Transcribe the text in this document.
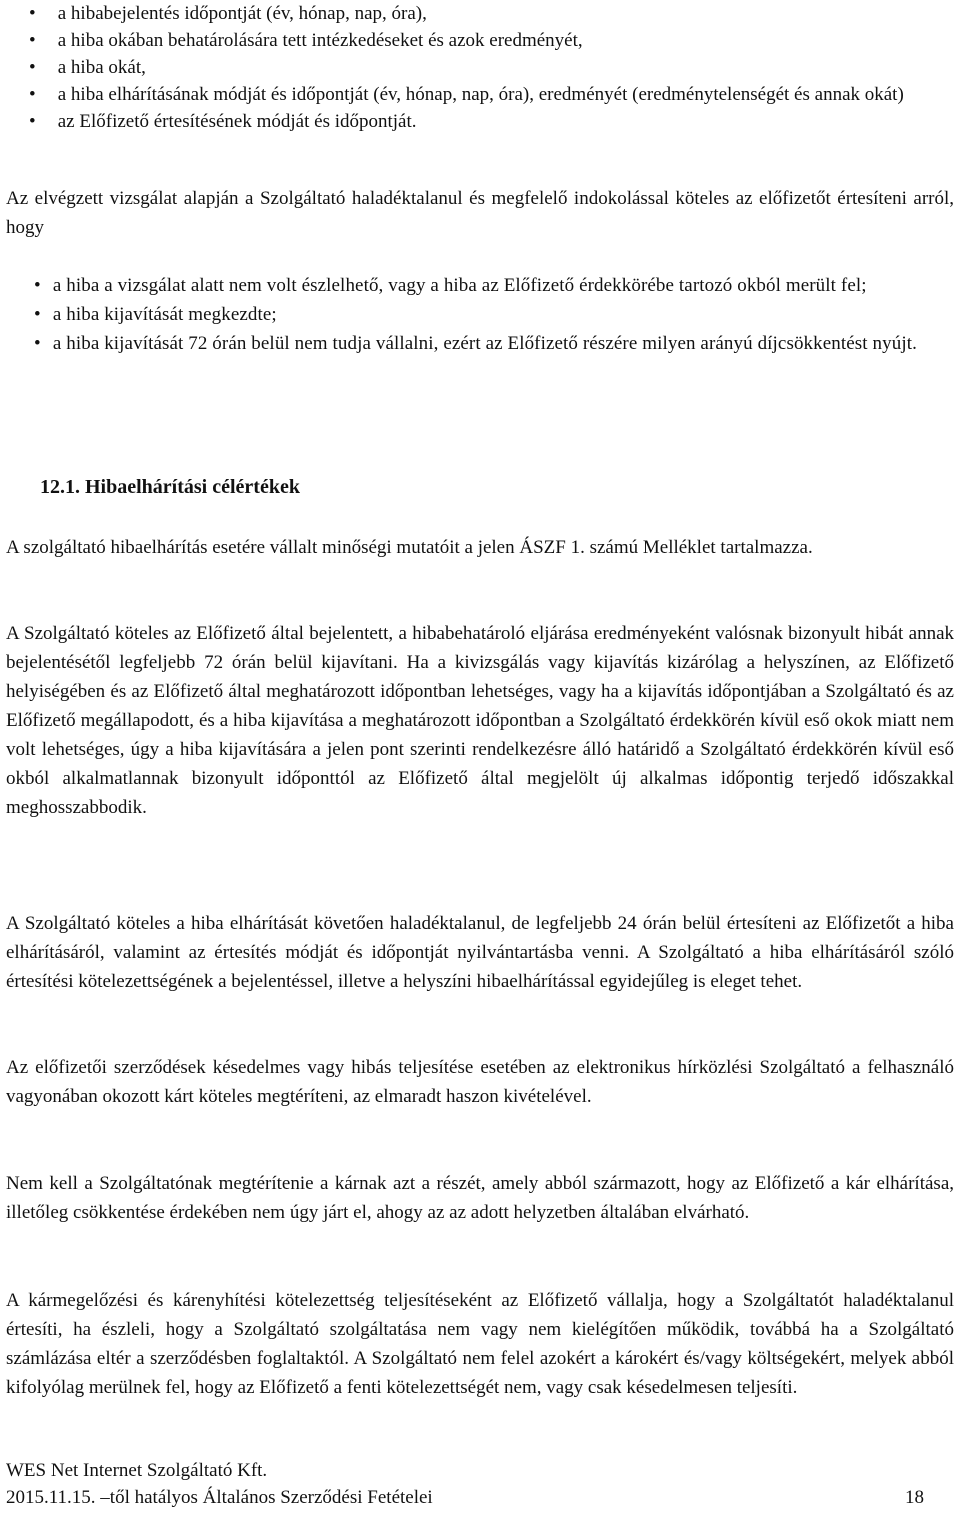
• a hibabejelentés időpontját (év, hónap, nap, óra),
• a hiba okában behatárolására tett intézkedéseket és azok eredményét,
• a hiba okát,
• a hiba elhárításának módját és időpontját (év, hónap, nap, óra), eredményét (eredménytelenségét és annak okát)
• az Előfizető értesítésének módját és időpontját.

Az elvégzett vizsgálat alapján a Szolgáltató haladéktalanul és megfelelő indokolással köteles az előfizetőt értesíteni arról, hogy

• a hiba a vizsgálat alatt nem volt észlelhető, vagy a hiba az Előfizető érdekkörébe tartozó okból merült fel;
• a hiba kijavítását megkezdte;
• a hiba kijavítását 72 órán belül nem tudja vállalni, ezért az Előfizető részére milyen arányú díjcsökkentést nyújt.
12.1. Hibaelhárítási célértékek

A szolgáltató hibaelhárítás esetére vállalt minőségi mutatóit a jelen ÁSZF 1. számú Melléklet tartalmazza.

A Szolgáltató köteles az Előfizető által bejelentett, a hibabehatároló eljárása eredményeként valósnak bizonyult hibát annak bejelentésétől legfeljebb 72 órán belül kijavítani. Ha a kivizsgálás vagy kijavítás kizárólag a helyszínen, az Előfizető helyiségében és az Előfizető által meghatározott időpontban lehetséges, vagy ha a kijavítás időpontjában a Szolgáltató és az Előfizető megállapodott, és a hiba kijavítása a meghatározott időpontban a Szolgáltató érdekkörén kívül eső okok miatt nem volt lehetséges, úgy a hiba kijavítására a jelen pont szerinti rendelkezésre álló határidő a Szolgáltató érdekkörén kívül eső okból alkalmatlannak bizonyult időponttól az Előfizető által megjelölt új alkalmas időpontig terjedő időszakkal meghosszabbodik.

A Szolgáltató köteles a hiba elhárítását követően haladéktalanul, de legfeljebb 24 órán belül értesíteni az Előfizetőt a hiba elhárításáról, valamint az értesítés módját és időpontját nyilvántartásba venni. A Szolgáltató a hiba elhárításáról szóló értesítési kötelezettségének a bejelentéssel, illetve a helyszíni hibaelhárítással egyidejűleg is eleget tehet.

Az előfizetői szerződések késedelmes vagy hibás teljesítése esetében az elektronikus hírközlési Szolgáltató a felhasználó vagyonában okozott kárt köteles megtéríteni, az elmaradt haszon kivételével.

Nem kell a Szolgáltatónak megtérítenie a kárnak azt a részét, amely abból származott, hogy az Előfizető a kár elhárítása, illetőleg csökkentése érdekében nem úgy járt el, ahogy az az adott helyzetben általában elvárható.

A kármegelőzési és kárenyhítési kötelezettség teljesítéseként az Előfizető vállalja, hogy a Szolgáltatót haladéktalanul értesíti, ha észleli, hogy a Szolgáltató szolgáltatása nem vagy nem kielégítően működik, továbbá ha a Szolgáltató számlázása eltér a szerződésben foglaltaktól. A Szolgáltató nem felel azokért a károkért és/vagy költségekért, melyek abból kifolyólag merülnek fel, hogy az Előfizető a fenti kötelezettségét nem, vagy csak késedelmesen teljesíti.

WES Net Internet Szolgáltató Kft.
2015.11.15. –től hatályos Általános Szerződési Fetételei	18
